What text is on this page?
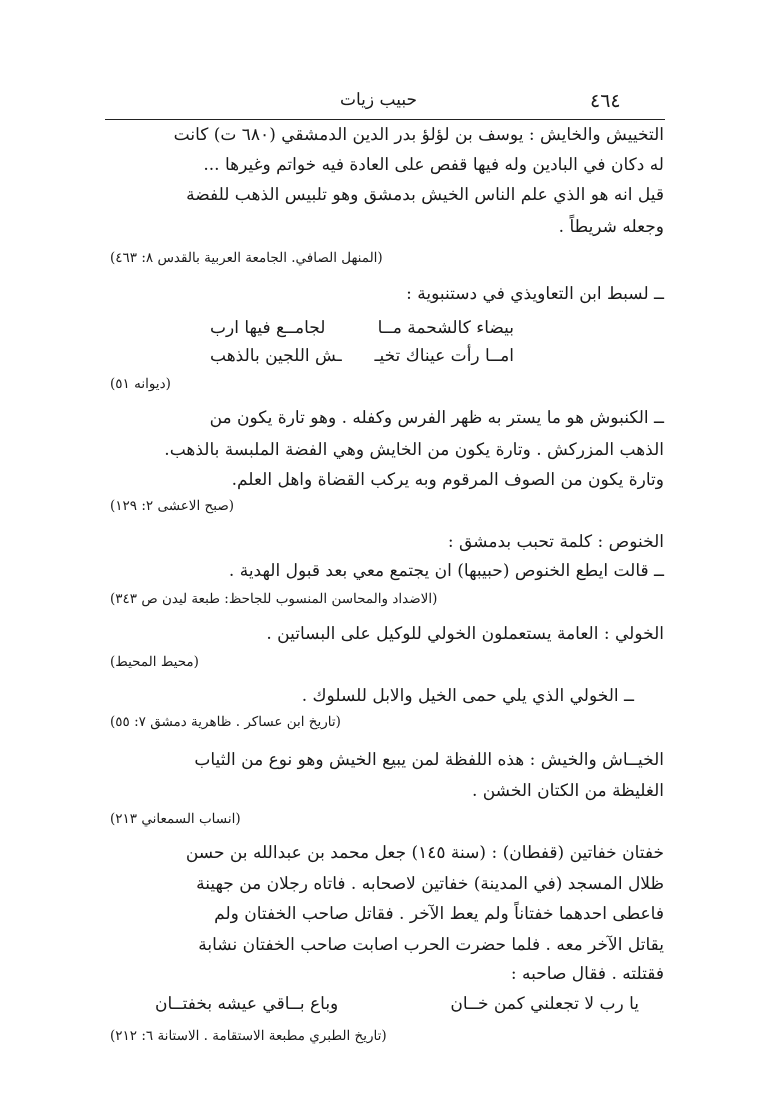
٤٦٤
حبيب زيات
التخييش والخايش : يوسف بن لؤلؤ بدر الدين الدمشقي (٦٨٠ ت) كانت
له دكان في البادين وله فيها قفص على العادة فيه خواتم وغيرها ...
قيل انه هو الذي علم الناس الخيش بدمشق وهو تلبيس الذهب للفضة
وجعله شريطاً .
(المنهل الصافي. الجامعة العربية بالقدس ٨: ٤٦٣)
ــ لسبط ابن التعاويذي في دستنبوية :
بيضاء كالشحمة مــا
لجامــع فيها ارب
امــا رأت عيناك تخيـ
ـش اللجين بالذهب
(ديوانه ٥١)
ــ الكنبوش هو ما يستر به ظهر الفرس وكفله . وهو تارة يكون من
الذهب المزركش . وتارة يكون من الخايش وهي الفضة الملبسة بالذهب.
وتارة يكون من الصوف المرقوم وبه يركب القضاة واهل العلم.
(صبح الاعشى ٢: ١٢٩)
الخنوص : كلمة تحبب بدمشق :
ــ قالت ايطع الخنوص (حبيبها) ان يجتمع معي بعد قبول الهدية .
(الاضداد والمحاسن المنسوب للجاحظ: طبعة ليدن ص ٣٤٣)
الخولي : العامة يستعملون الخولي للوكيل على البساتين .
(محيط المحيط)
ــ الخولي الذي يلي حمى الخيل والابل للسلوك .
(تاريخ ابن عساكر . ظاهرية دمشق ٧: ٥٥)
الخيــاش والخيش : هذه اللفظة لمن يبيع الخيش وهو نوع من الثياب
الغليظة من الكتان الخشن .
(انساب السمعاني ٢١٣)
خفتان خفاتين (قفطان) : (سنة ١٤٥) جعل محمد بن عبدالله بن حسن
ظلال المسجد (في المدينة) خفاتين لاصحابه . فاتاه رجلان من جهينة
فاعطى احدهما خفتاناً ولم يعط الآخر . فقاتل صاحب الخفتان ولم
يقاتل الآخر معه . فلما حضرت الحرب اصابت صاحب الخفتان نشابة
فقتلته . فقال صاحبه :
يا رب لا تجعلني كمن خــان
وباع بــاقي عيشه بخفتــان
(تاريخ الطبري مطبعة الاستقامة . الاستانة ٦: ٢١٢)
